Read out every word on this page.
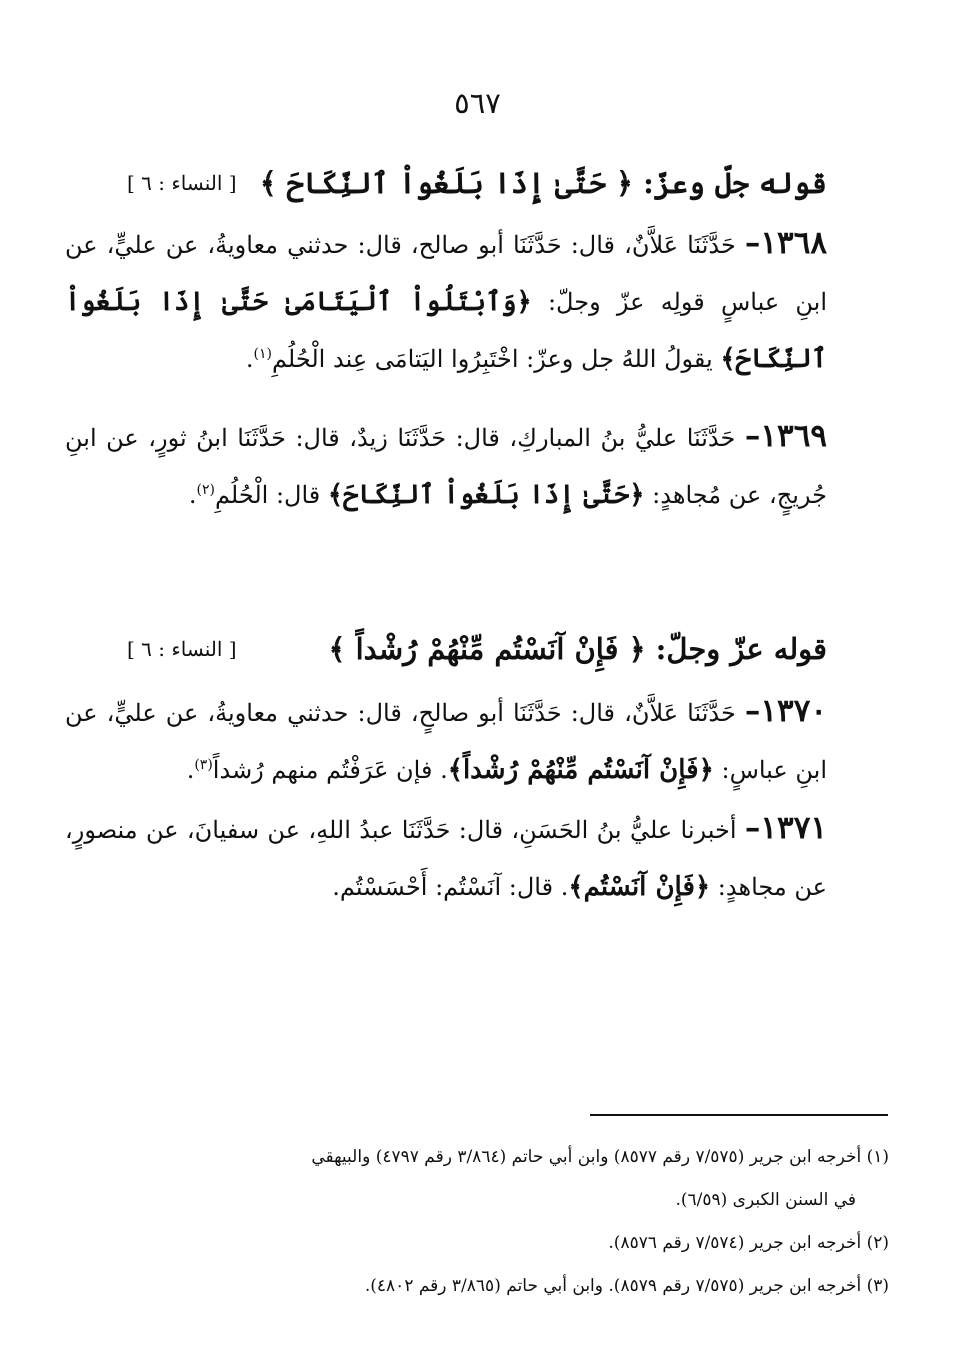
٥٦٧
قوله جلّ وعزّ: ﴿ حَتَّىٰ إِذَا بَلَغُواْ ٱلنِّكَاحَ ﴾
[ النساء : ٦ ]
١٣٦٨– حَدَّثَنَا عَلاَّنٌ، قال: حَدَّثَنَا أبو صالح، قال: حدثني معاويةُ، عن عليٍّ، عن ابنِ عباسٍ قولِه عزّ وجلّ: ﴿وَٱبْتَلُواْ ٱلْيَتَامَىٰ حَتَّىٰ إِذَا بَلَغُواْ ٱلنِّكَاحَ﴾ يقولُ اللهُ جل وعزّ: اخْتَبِرُوا اليَتامَى عِند الْحُلُمِ$^{(١)}$.
١٣٦٩– حَدَّثَنَا عليُّ بنُ المباركِ، قال: حَدَّثَنَا زيدٌ، قال: حَدَّثَنَا ابنُ ثورٍ، عن ابنِ جُريجٍ، عن مُجاهدٍ: ﴿حَتَّىٰ إِذَا بَلَغُواْ ٱلنِّكَاحَ﴾ قال: الْحُلُمِ$^{(٢)}$.
قوله عزّ وجلّ: ﴿ فَإِنْ آنَسْتُم مِّنْهُمْ رُشْداً ﴾
[ النساء : ٦ ]
١٣٧٠– حَدَّثَنَا عَلاَّنٌ، قال: حَدَّثَنَا أبو صالحٍ، قال: حدثني معاويةُ، عن عليٍّ، عن ابنِ عباسٍ: ﴿فَإِنْ آنَسْتُم مِّنْهُمْ رُشْداً﴾. فإن عَرَفْتُم منهم رُشداً$^{(٣)}$.
١٣٧١– أخبرنا عليُّ بنُ الحَسَنِ، قال: حَدَّثَنَا عبدُ اللهِ، عن سفيانَ، عن منصورٍ، عن مجاهدٍ: ﴿فَإِنْ آنَسْتُم﴾. قال: آنَسْتُم: أَحْسَسْتُم.

(١) أخرجه ابن جرير (٧/٥٧٥ رقم ٨٥٧٧) وابن أبي حاتم (٣/٨٦٤ رقم ٤٧٩٧) والبيهقي

في السنن الكبرى (٦/٥٩).

(٢) أخرجه ابن جرير (٧/٥٧٤ رقم ٨٥٧٦).

(٣) أخرجه ابن جرير (٧/٥٧٥ رقم ٨٥٧٩). وابن أبي حاتم (٣/٨٦٥ رقم ٤٨٠٢).
